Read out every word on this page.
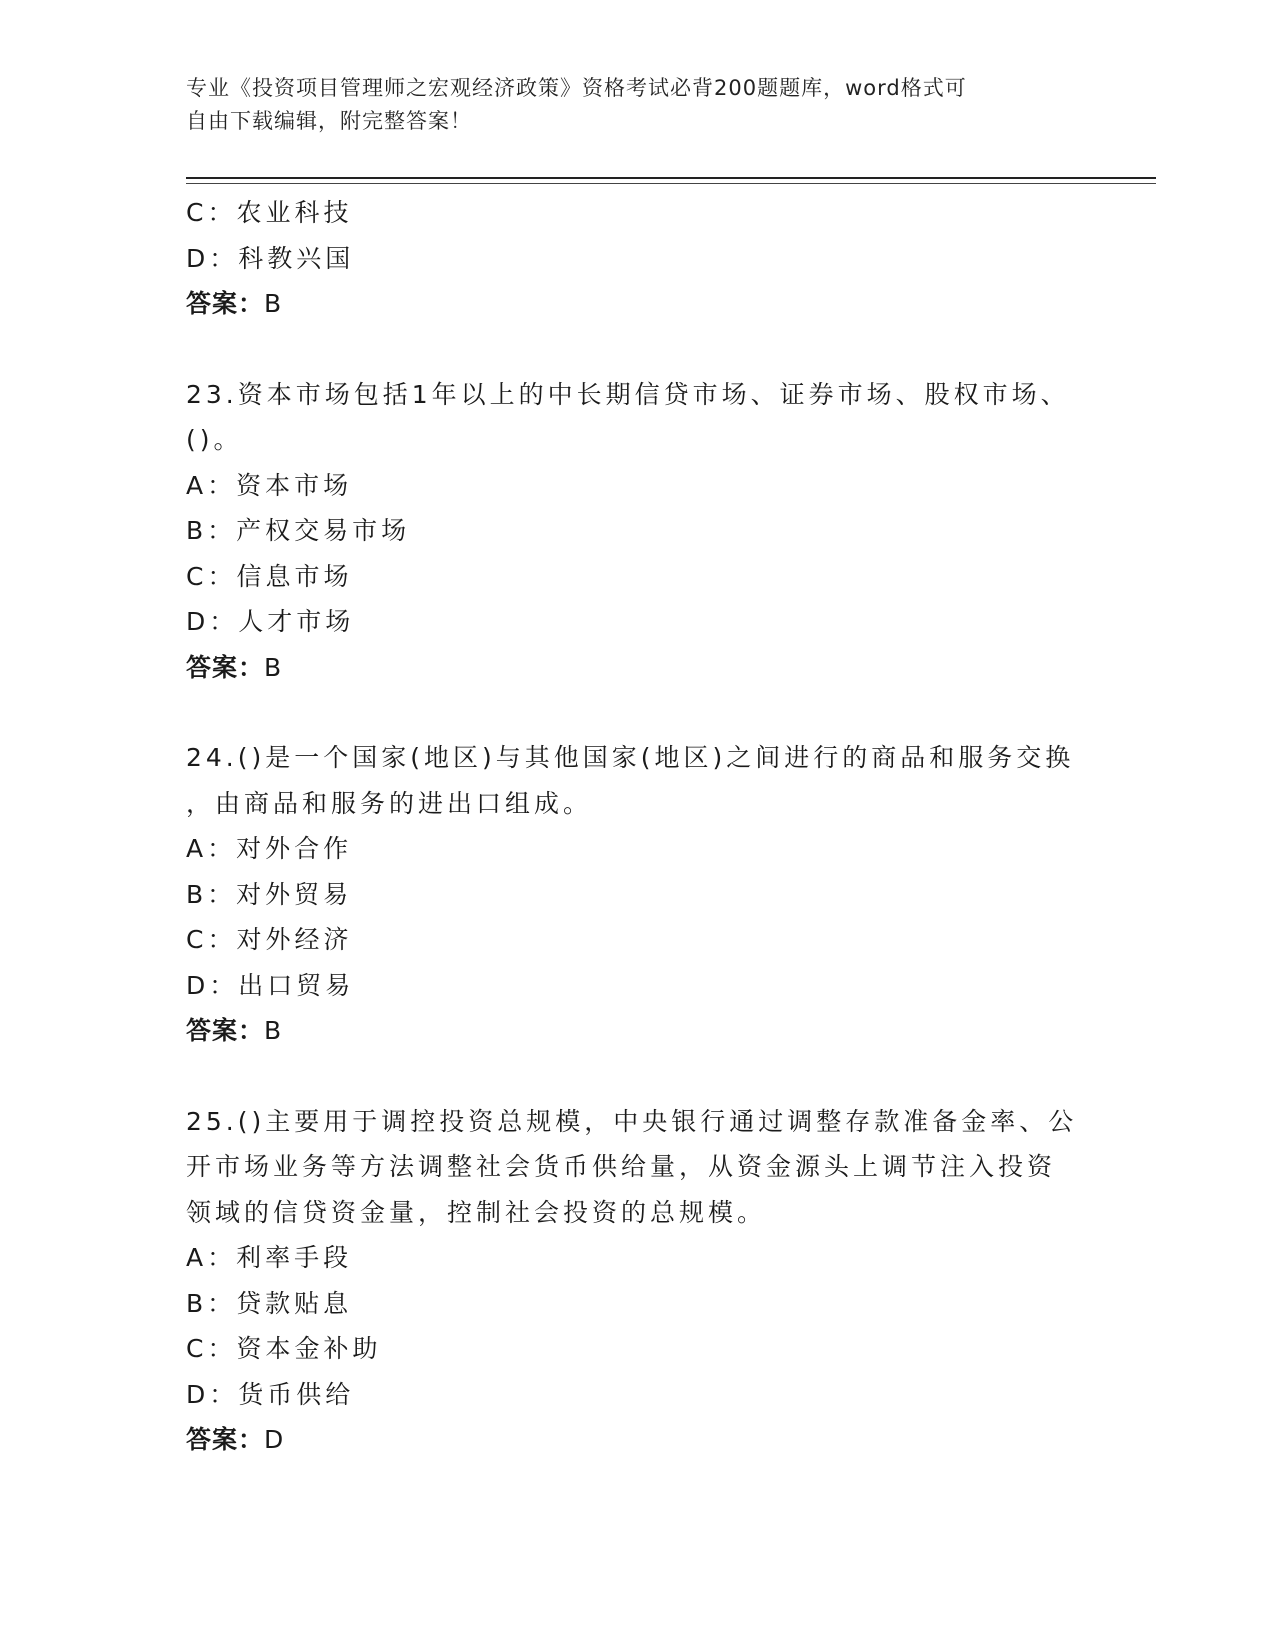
专业《投资项目管理师之宏观经济政策》资格考试必背200题题库，word格式可
自由下载编辑，附完整答案！
C：农业科技
D：科教兴国
答案：B
23.资本市场包括1年以上的中长期信贷市场、证券市场、股权市场、
()。
A：资本市场
B：产权交易市场
C：信息市场
D：人才市场
答案：B
24.()是一个国家(地区)与其他国家(地区)之间进行的商品和服务交换
，由商品和服务的进出口组成。
A：对外合作
B：对外贸易
C：对外经济
D：出口贸易
答案：B
25.()主要用于调控投资总规模，中央银行通过调整存款准备金率、公
开市场业务等方法调整社会货币供给量，从资金源头上调节注入投资
领域的信贷资金量，控制社会投资的总规模。
A：利率手段
B：贷款贴息
C：资本金补助
D：货币供给
答案：D
